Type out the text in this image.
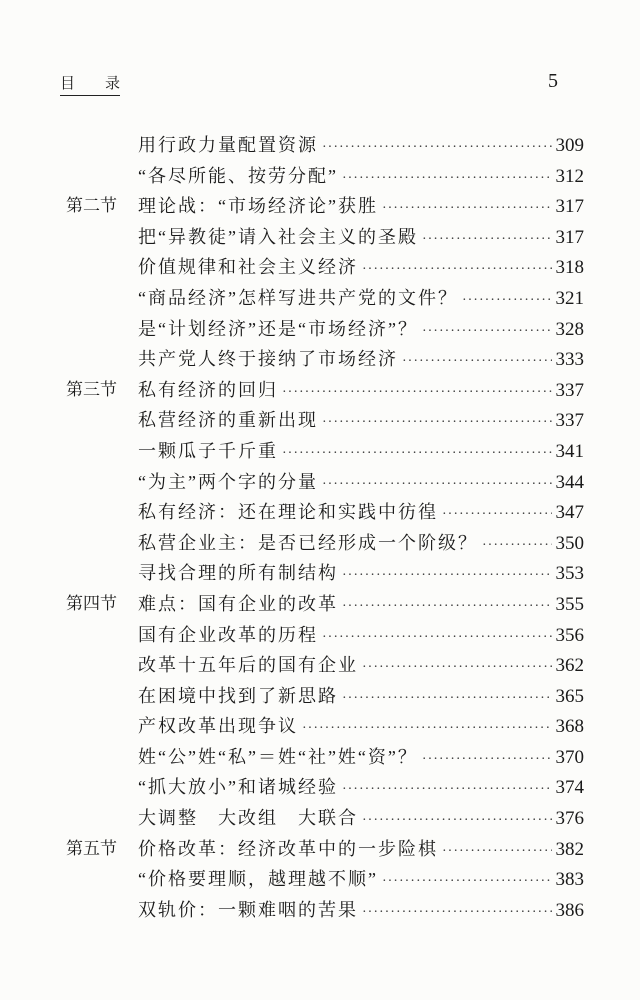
目 录	5
用行政力量配置资源 ·····	309
“各尽所能、按劳分配” ·····	312
第二节 理论战：“市场经济论”获胜 ·····	317
把“异教徒”请入社会主义的圣殿 ·····	317
价值规律和社会主义经济 ·····	318
“商品经济”怎样写进共产党的文件？ ·····	321
是“计划经济”还是“市场经济”？ ·····	328
共产党人终于接纳了市场经济 ·····	333
第三节 私有经济的回归 ·····	337
私营经济的重新出现 ·····	337
一颗瓜子千斤重 ·····	341
“为主”两个字的分量 ·····	344
私有经济：还在理论和实践中彷徨 ·····	347
私营企业主：是否已经形成一个阶级？ ·····	350
寻找合理的所有制结构 ·····	353
第四节 难点：国有企业的改革 ·····	355
国有企业改革的历程 ·····	356
改革十五年后的国有企业 ·····	362
在困境中找到了新思路 ·····	365
产权改革出现争议 ·····	368
姓“公”姓“私”＝姓“社”姓“资”？ ·····	370
“抓大放小”和诸城经验 ·····	374
大调整　大改组　大联合 ·····	376
第五节 价格改革：经济改革中的一步险棋 ·····	382
“价格要理顺，越理越不顺” ·····	383
双轨价：一颗难咽的苦果 ·····	386
